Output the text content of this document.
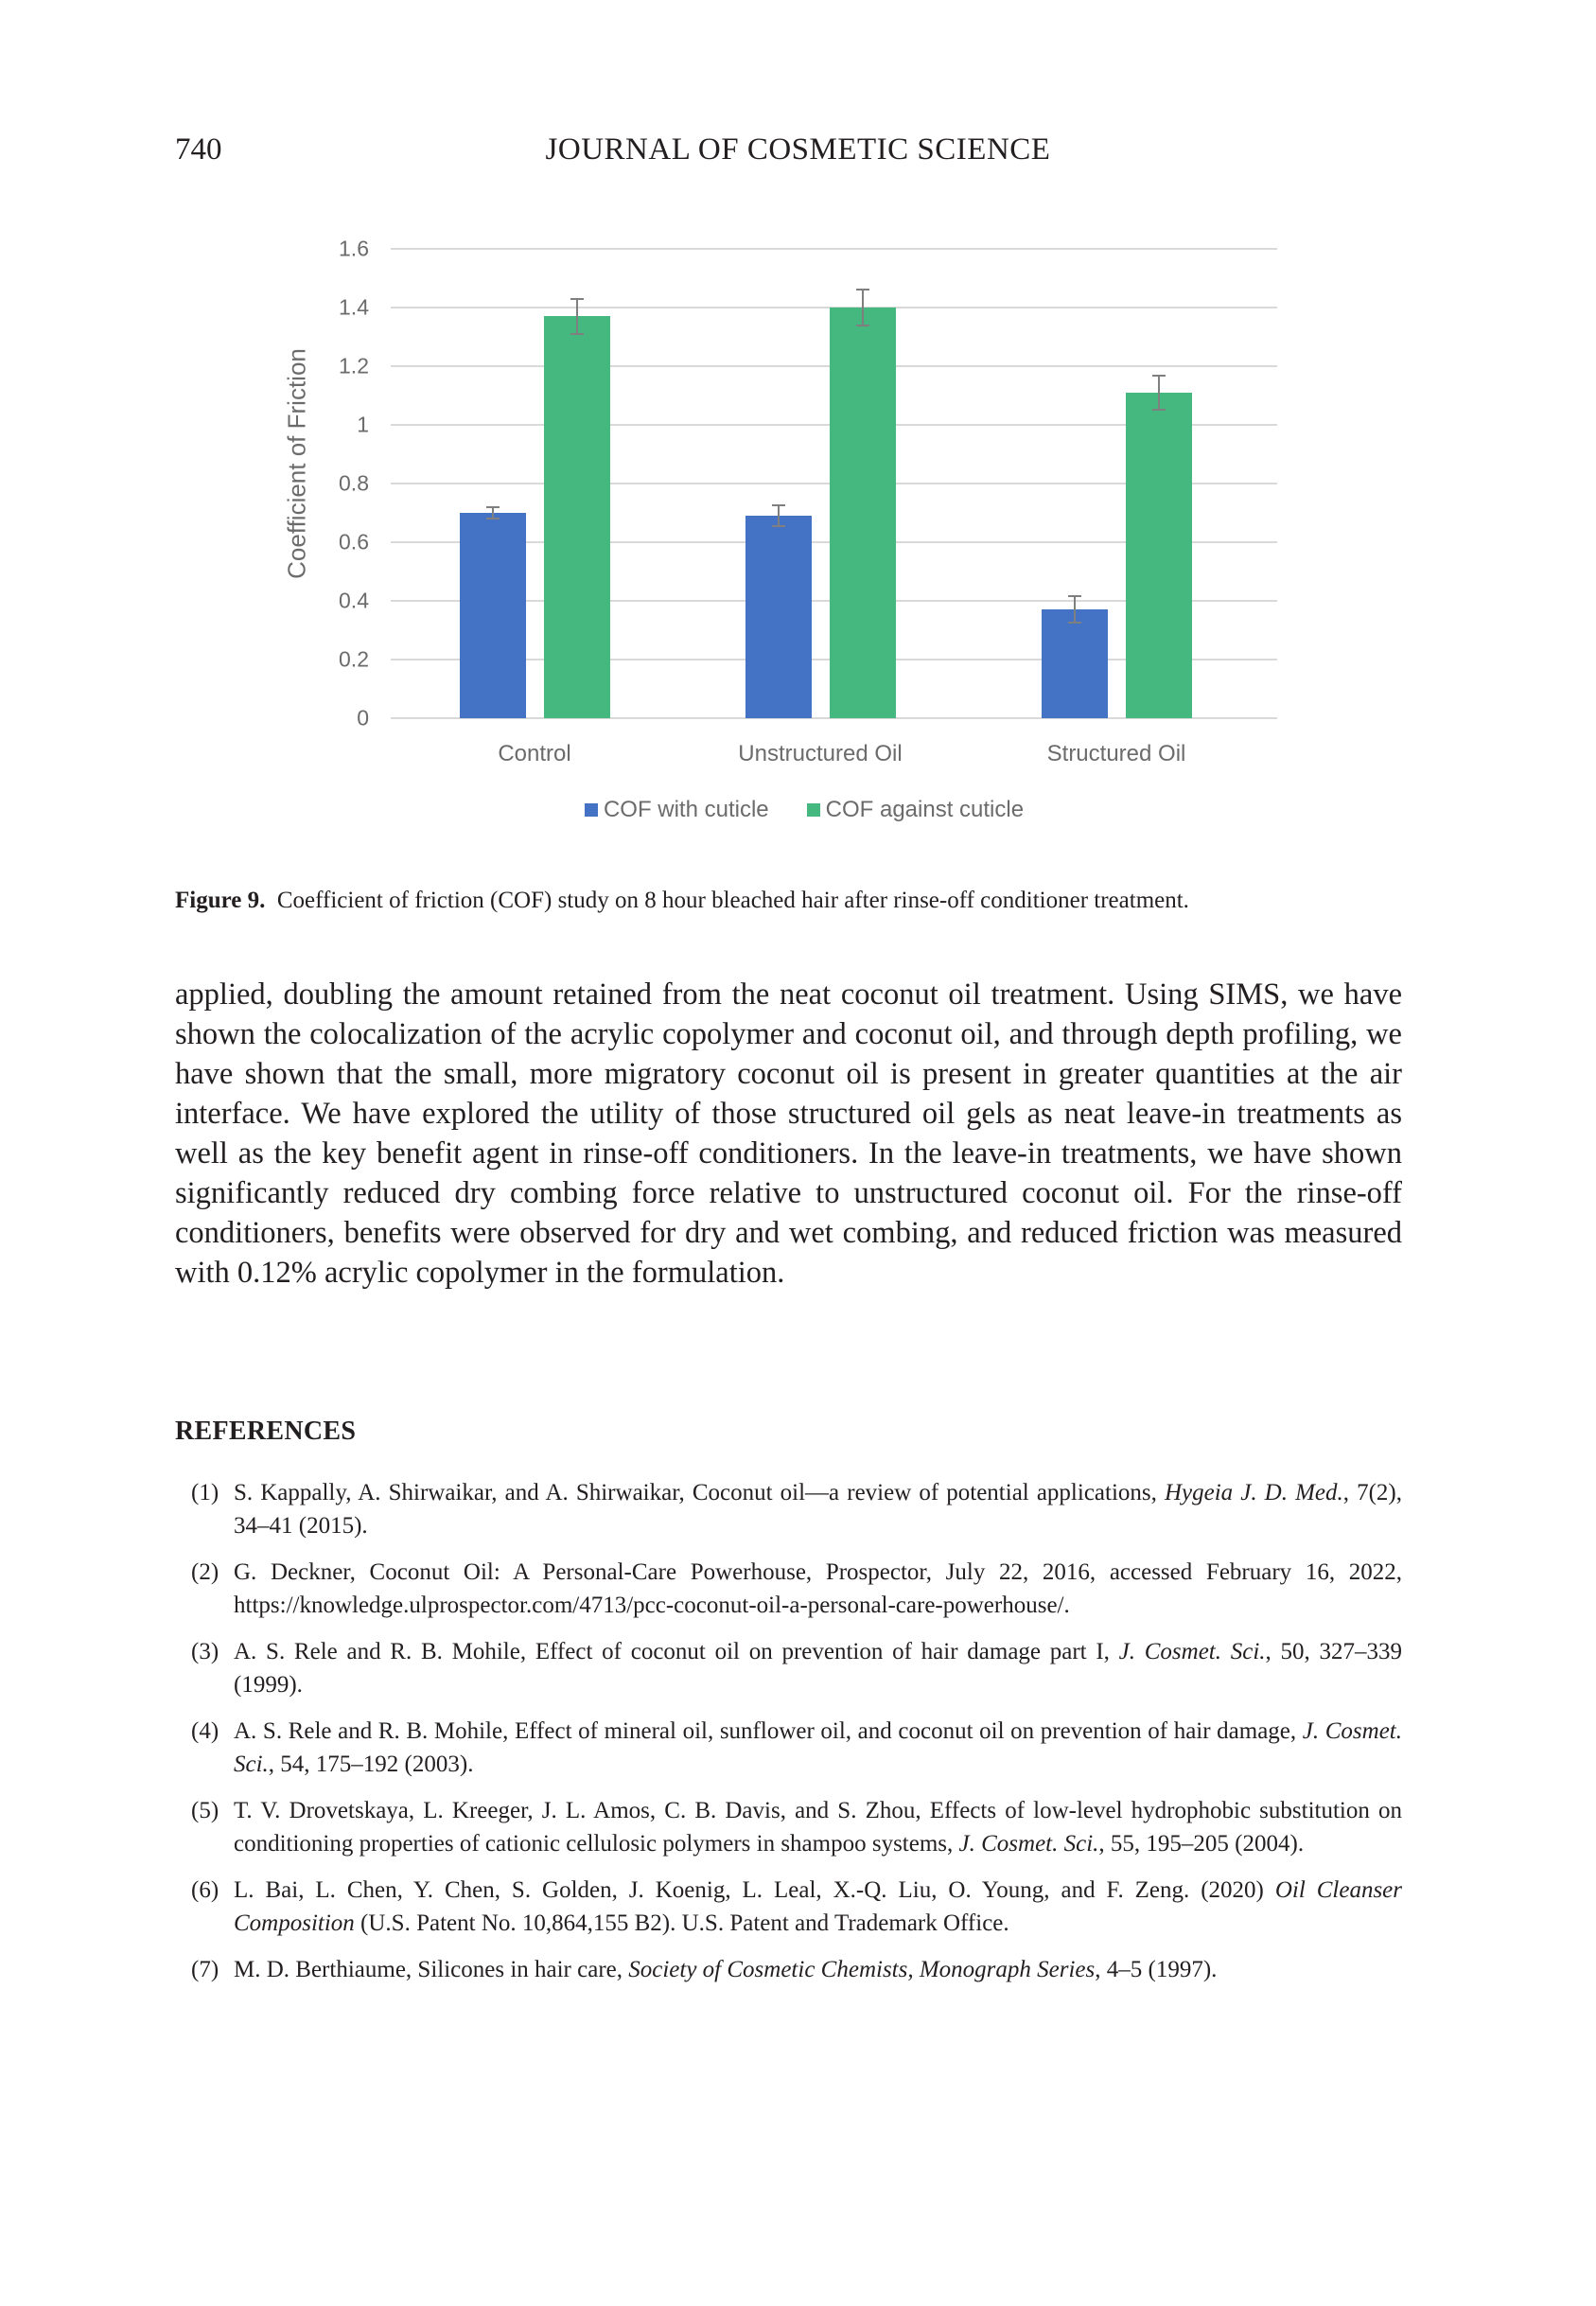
740	JOURNAL OF COSMETIC SCIENCE
Coefficient of Friction
0
0.2
0.4
0.6
0.8
1
1.2
1.4
1.6
Control	Unstructured Oil	Structured Oil
COF with cuticle	COF against cuticle
Figure 9. Coefficient of friction (COF) study on 8 hour bleached hair after rinse-off conditioner treatment.
applied, doubling the amount retained from the neat coconut oil treatment. Using SIMS, we have shown the colocalization of the acrylic copolymer and coconut oil, and through depth profiling, we have shown that the small, more migratory coconut oil is present in greater quantities at the air interface. We have explored the utility of those structured oil gels as neat leave-in treatments as well as the key benefit agent in rinse-off conditioners. In the leave-in treatments, we have shown significantly reduced dry combing force relative to unstructured coconut oil. For the rinse-off conditioners, benefits were observed for dry and wet combing, and reduced friction was measured with 0.12% acrylic copolymer in the formulation.
REFERENCES
(1) S. Kappally, A. Shirwaikar, and A. Shirwaikar, Coconut oil—a review of potential applications, Hygeia J. D. Med., 7(2), 34–41 (2015).
(2) G. Deckner, Coconut Oil: A Personal-Care Powerhouse, Prospector, July 22, 2016, accessed February 16, 2022, https://knowledge.ulprospector.com/4713/pcc-coconut-oil-a-personal-care-powerhouse/.
(3) A. S. Rele and R. B. Mohile, Effect of coconut oil on prevention of hair damage part I, J. Cosmet. Sci., 50, 327–339 (1999).
(4) A. S. Rele and R. B. Mohile, Effect of mineral oil, sunflower oil, and coconut oil on prevention of hair damage, J. Cosmet. Sci., 54, 175–192 (2003).
(5) T. V. Drovetskaya, L. Kreeger, J. L. Amos, C. B. Davis, and S. Zhou, Effects of low-level hydrophobic substitution on conditioning properties of cationic cellulosic polymers in shampoo systems, J. Cosmet. Sci., 55, 195–205 (2004).
(6) L. Bai, L. Chen, Y. Chen, S. Golden, J. Koenig, L. Leal, X.-Q. Liu, O. Young, and F. Zeng. (2020) Oil Cleanser Composition (U.S. Patent No. 10,864,155 B2). U.S. Patent and Trademark Office.
(7) M. D. Berthiaume, Silicones in hair care, Society of Cosmetic Chemists, Monograph Series, 4–5 (1997).
